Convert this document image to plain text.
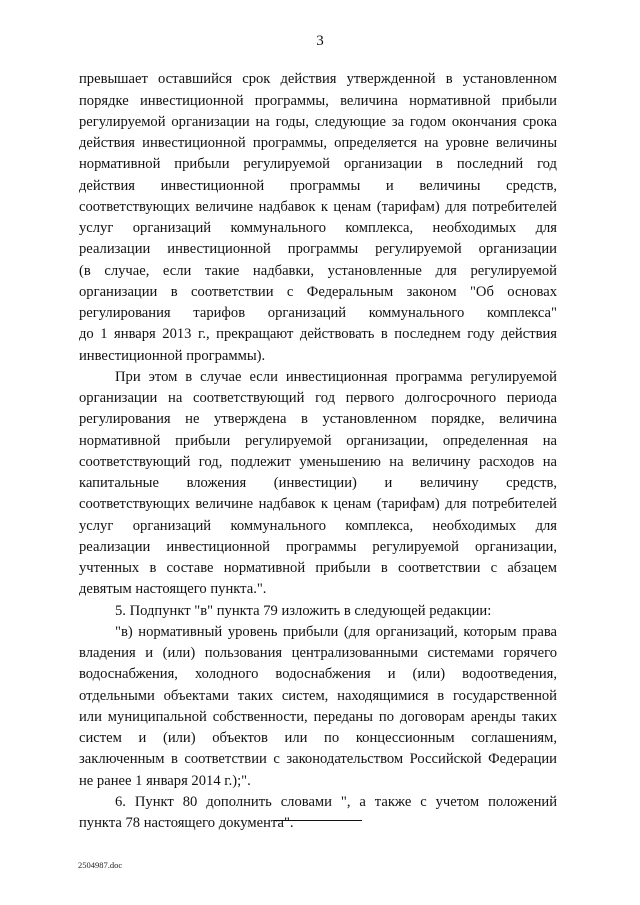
3
превышает оставшийся срок действия утвержденной в установленном
порядке инвестиционной программы, величина нормативной прибыли
регулируемой организации на годы, следующие за годом окончания срока
действия инвестиционной программы, определяется на уровне величины
нормативной прибыли регулируемой организации в последний год
действия инвестиционной программы и величины средств,
соответствующих величине надбавок к ценам (тарифам) для потребителей
услуг организаций коммунального комплекса, необходимых для
реализации инвестиционной программы регулируемой организации
(в случае, если такие надбавки, установленные для регулируемой
организации в соответствии с Федеральным законом "Об основах
регулирования тарифов организаций коммунального комплекса"
до 1 января 2013 г., прекращают действовать в последнем году действия
инвестиционной программы).
При этом в случае если инвестиционная программа регулируемой
организации на соответствующий год первого долгосрочного периода
регулирования не утверждена в установленном порядке, величина
нормативной прибыли регулируемой организации, определенная на
соответствующий год, подлежит уменьшению на величину расходов на
капитальные вложения (инвестиции) и величину средств,
соответствующих величине надбавок к ценам (тарифам) для потребителей
услуг организаций коммунального комплекса, необходимых для
реализации инвестиционной программы регулируемой организации,
учтенных в составе нормативной прибыли в соответствии с абзацем
девятым настоящего пункта.".
5. Подпункт "в" пункта 79 изложить в следующей редакции:
"в) нормативный уровень прибыли (для организаций, которым права
владения и (или) пользования централизованными системами горячего
водоснабжения, холодного водоснабжения и (или) водоотведения,
отдельными объектами таких систем, находящимися в государственной
или муниципальной собственности, переданы по договорам аренды таких
систем и (или) объектов или по концессионным соглашениям,
заключенным в соответствии с законодательством Российской Федерации
не ранее 1 января 2014 г.);".
6. Пункт 80 дополнить словами ", а также с учетом положений
пункта 78 настоящего документа".
2504987.doc
